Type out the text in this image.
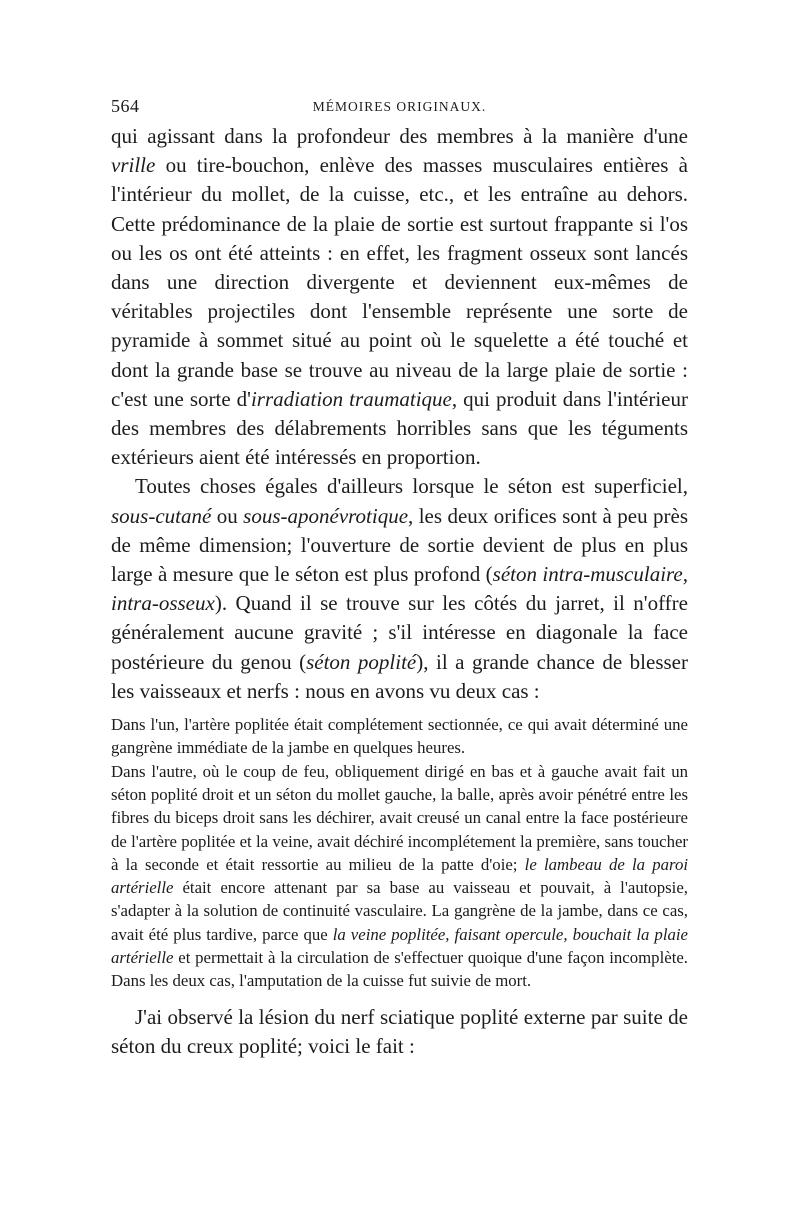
564	MÉMOIRES ORIGINAUX.

qui agissant dans la profondeur des membres à la manière d'une vrille ou tire-bouchon, enlève des masses musculaires entières à l'intérieur du mollet, de la cuisse, etc., et les entraîne au dehors. Cette prédominance de la plaie de sortie est surtout frappante si l'os ou les os ont été atteints : en effet, les fragment osseux sont lancés dans une direction divergente et deviennent eux-mêmes de véritables projectiles dont l'ensemble représente une sorte de pyramide à sommet situé au point où le squelette a été touché et dont la grande base se trouve au niveau de la large plaie de sortie : c'est une sorte d'irradiation traumatique, qui produit dans l'intérieur des membres des délabrements horribles sans que les téguments extérieurs aient été intéressés en proportion.

Toutes choses égales d'ailleurs lorsque le séton est superficiel, sous-cutané ou sous-aponévrotique, les deux orifices sont à peu près de même dimension; l'ouverture de sortie devient de plus en plus large à mesure que le séton est plus profond (séton intra-musculaire, intra-osseux). Quand il se trouve sur les côtés du jarret, il n'offre généralement aucune gravité ; s'il intéresse en diagonale la face postérieure du genou (séton poplité), il a grande chance de blesser les vaisseaux et nerfs : nous en avons vu deux cas :

Dans l'un, l'artère poplitée était complétement sectionnée, ce qui avait déterminé une gangrène immédiate de la jambe en quelques heures.

Dans l'autre, où le coup de feu, obliquement dirigé en bas et à gauche avait fait un séton poplité droit et un séton du mollet gauche, la balle, après avoir pénétré entre les fibres du biceps droit sans les déchirer, avait creusé un canal entre la face postérieure de l'artère poplitée et la veine, avait déchiré incomplétement la première, sans toucher à la seconde et était ressortie au milieu de la patte d'oie; le lambeau de la paroi artérielle était encore attenant par sa base au vaisseau et pouvait, à l'autopsie, s'adapter à la solution de continuité vasculaire. La gangrène de la jambe, dans ce cas, avait été plus tardive, parce que la veine poplitée, faisant opercule, bouchait la plaie artérielle et permettait à la circulation de s'effectuer quoique d'une façon incomplète. Dans les deux cas, l'amputation de la cuisse fut suivie de mort.

J'ai observé la lésion du nerf sciatique poplité externe par suite de séton du creux poplité; voici le fait :
